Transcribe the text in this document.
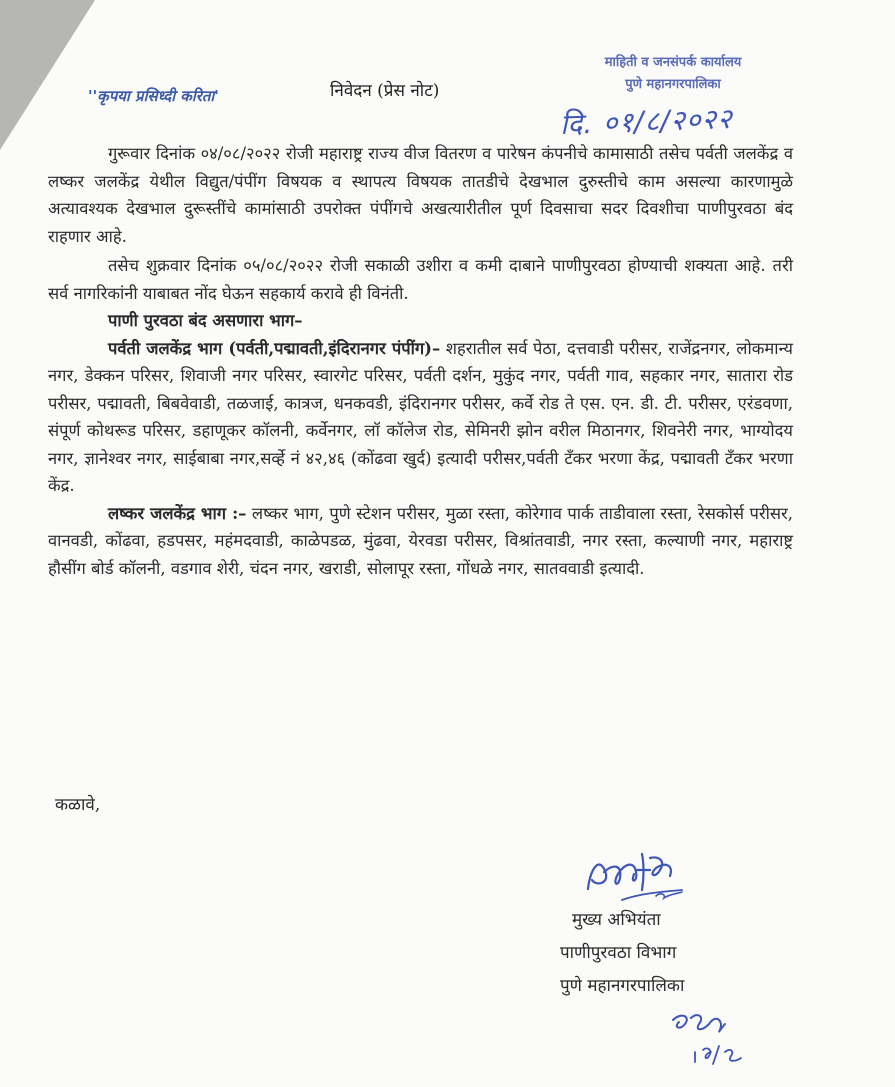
''कृपया प्रसिध्दी करिता'	निवेदन (प्रेस नोट)
माहिती व जनसंपर्क कार्यालय
पुणे महानगरपालिका
दि. ०१/८/२०२२

गुरूवार दिनांक ०४/०८/२०२२ रोजी महाराष्ट्र राज्य वीज वितरण व पारेषन कंपनीचे कामासाठी तसेच पर्वती जलकेंद्र व लष्कर जलकेंद्र येथील विद्युत/पंपींग विषयक व स्थापत्य विषयक तातडीचे देखभाल दुरुस्तीचे काम असल्या कारणामुळे अत्यावश्यक देखभाल दुरूस्तींचे कामांसाठी उपरोक्त पंपींगचे अखत्यारीतील पूर्ण दिवसाचा सदर दिवशीचा पाणीपुरवठा बंद राहणार आहे.

तसेच शुक्रवार दिनांक ०५/०८/२०२२ रोजी सकाळी उशीरा व कमी दाबाने पाणीपुरवठा होण्याची शक्यता आहे. तरी सर्व नागरिकांनी याबाबत नोंद घेऊन सहकार्य करावे ही विनंती.

पाणी पुरवठा बंद असणारा भाग–

पर्वती जलकेंद्र भाग (पर्वती,पद्मावती,इंदिरानगर पंपींग)– शहरातील सर्व पेठा, दत्तवाडी परीसर, राजेंद्रनगर, लोकमान्य नगर, डेक्कन परिसर, शिवाजी नगर परिसर, स्वारगेट परिसर, पर्वती दर्शन, मुकुंद नगर, पर्वती गाव, सहकार नगर, सातारा रोड परीसर, पद्मावती, बिबवेवाडी, तळजाई, कात्रज, धनकवडी, इंदिरानगर परीसर, कर्वे रोड ते एस. एन. डी. टी. परीसर, एरंडवणा, संपूर्ण कोथरूड परिसर, डहाणूकर कॉलनी, कर्वेनगर, लॉ कॉलेज रोड, सेमिनरी झोन वरील मिठानगर, शिवनेरी नगर, भाग्योदय नगर, ज्ञानेश्वर नगर, साईबाबा नगर,सर्व्हे नं ४२,४६ (कोंढवा खुर्द) इत्यादी परीसर,पर्वती टँकर भरणा केंद्र, पद्मावती टँकर भरणा केंद्र.

लष्कर जलकेंद्र भाग :– लष्कर भाग, पुणे स्टेशन परीसर, मुळा रस्ता, कोरेगाव पार्क ताडीवाला रस्ता, रेसकोर्स परीसर, वानवडी, कोंढवा, हडपसर, महंमदवाडी, काळेपडळ, मुंढवा, येरवडा परीसर, विश्रांतवाडी, नगर रस्ता, कल्याणी नगर, महाराष्ट्र हौसींग बोर्ड कॉलनी, वडगाव शेरी, चंदन नगर, खराडी, सोलापूर रस्ता, गोंधळे नगर, सातववाडी इत्यादी.

कळावे,
मुख्य अभियंता
पाणीपुरवठा विभाग
पुणे महानगरपालिका
